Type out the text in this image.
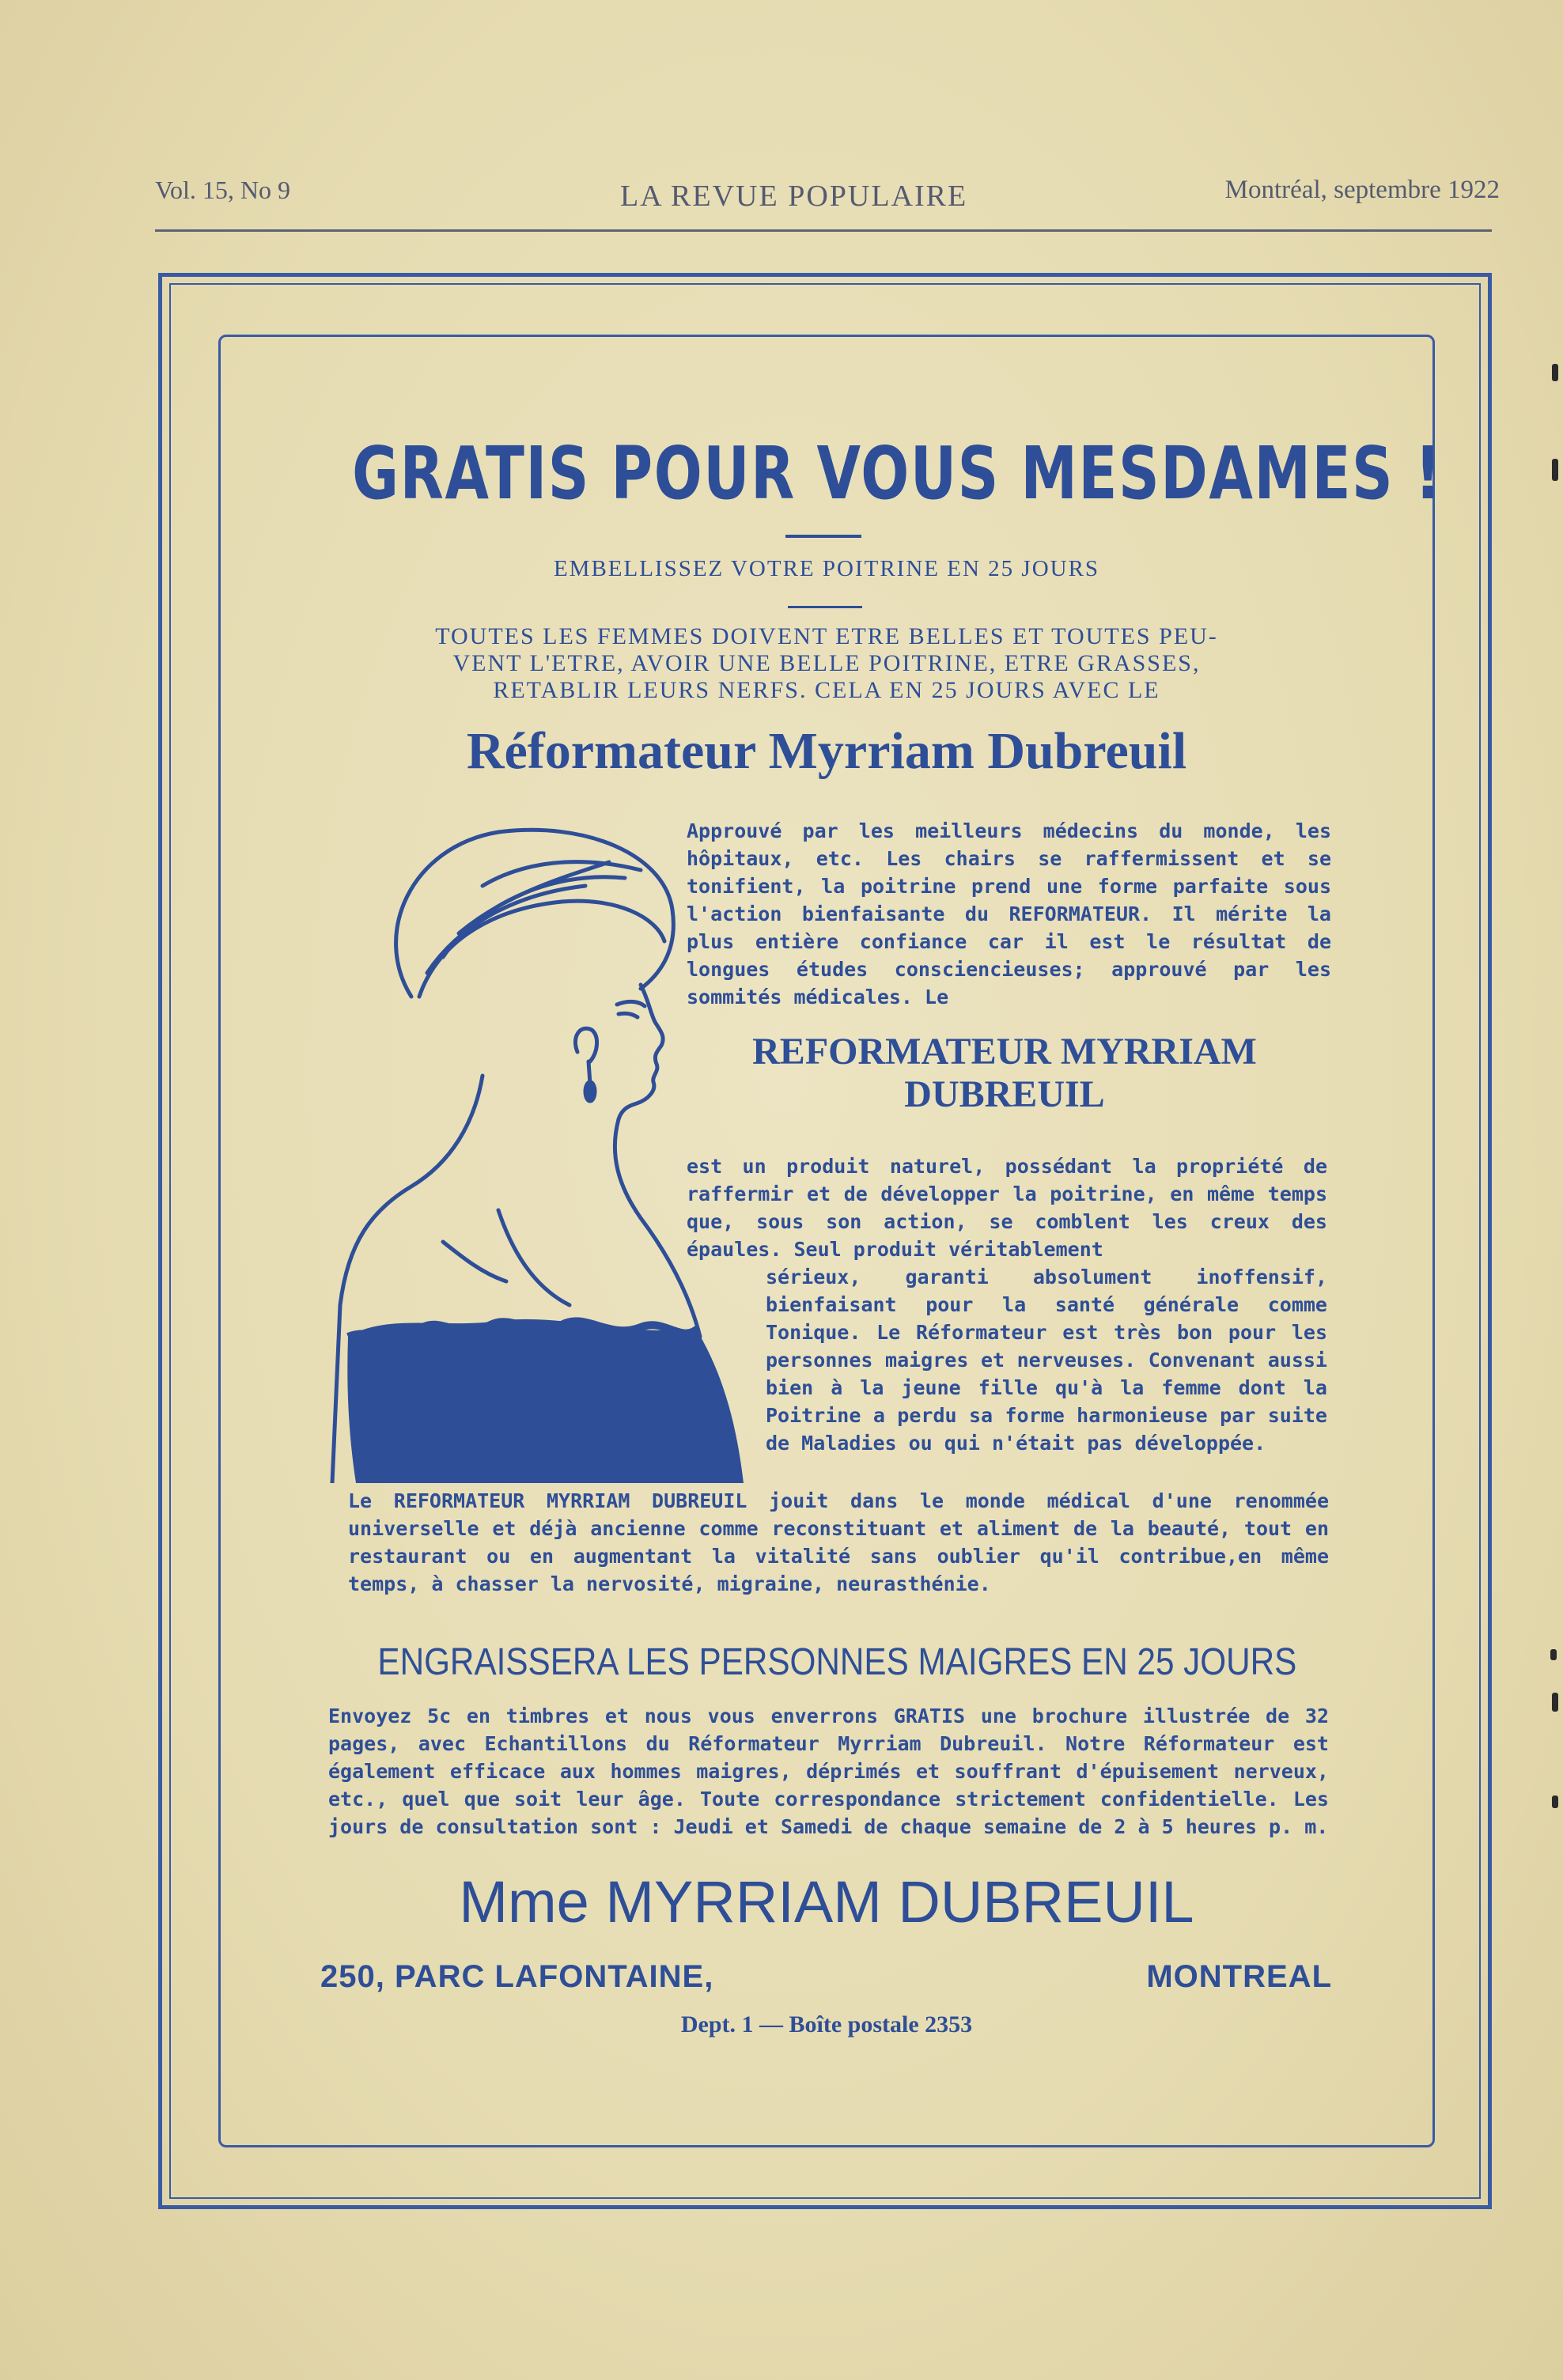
Vol. 15, No 9	LA REVUE POPULAIRE	Montréal, septembre 1922
GRATIS POUR VOUS MESDAMES !
EMBELLISSEZ VOTRE POITRINE EN 25 JOURS
TOUTES LES FEMMES DOIVENT ETRE BELLES ET TOUTES PEU-
VENT L'ETRE, AVOIR UNE BELLE POITRINE, ETRE GRASSES,
RETABLIR LEURS NERFS. CELA EN 25 JOURS AVEC LE
Réformateur Myrriam Dubreuil
Approuvé par les meilleurs médecins du monde, les hôpitaux, etc. Les chairs se raffermissent et se tonifient, la poitrine prend une forme parfaite sous l'action bienfaisante du REFORMATEUR. Il mérite la plus entière confiance car il est le résultat de longues études consciencieuses; approuvé par les sommités médicales. Le
REFORMATEUR MYRRIAM DUBREUIL
est un produit naturel, possédant la propriété de raffermir et de développer la poitrine, en même temps que, sous son action, se comblent les creux des épaules. Seul produit véritablement
sérieux, garanti absolument inoffensif, bienfaisant pour la santé générale comme Tonique. Le Réformateur est très bon pour les personnes maigres et nerveuses. Convenant aussi bien à la jeune fille qu'à la femme dont la Poitrine a perdu sa forme harmonieuse par suite de Maladies ou qui n'était pas développée.
Le REFORMATEUR MYRRIAM DUBREUIL jouit dans le monde médical d'une renommée universelle et déjà ancienne comme reconstituant et aliment de la beauté, tout en restaurant ou en augmentant la vitalité sans oublier qu'il contribue,en même temps, à chasser la nervosité, migraine, neurasthénie.
ENGRAISSERA LES PERSONNES MAIGRES EN 25 JOURS
Envoyez 5c en timbres et nous vous enverrons GRATIS une brochure illustrée de 32 pages, avec Echantillons du Réformateur Myrriam Dubreuil. Notre Réformateur est également efficace aux hommes maigres, déprimés et souffrant d'épuisement nerveux, etc., quel que soit leur âge. Toute correspondance strictement confidentielle. Les jours de consultation sont : Jeudi et Samedi de chaque semaine de 2 à 5 heures p. m.
Mme MYRRIAM DUBREUIL
250, PARC LAFONTAINE,	MONTREAL
Dept. 1 — Boîte postale 2353
